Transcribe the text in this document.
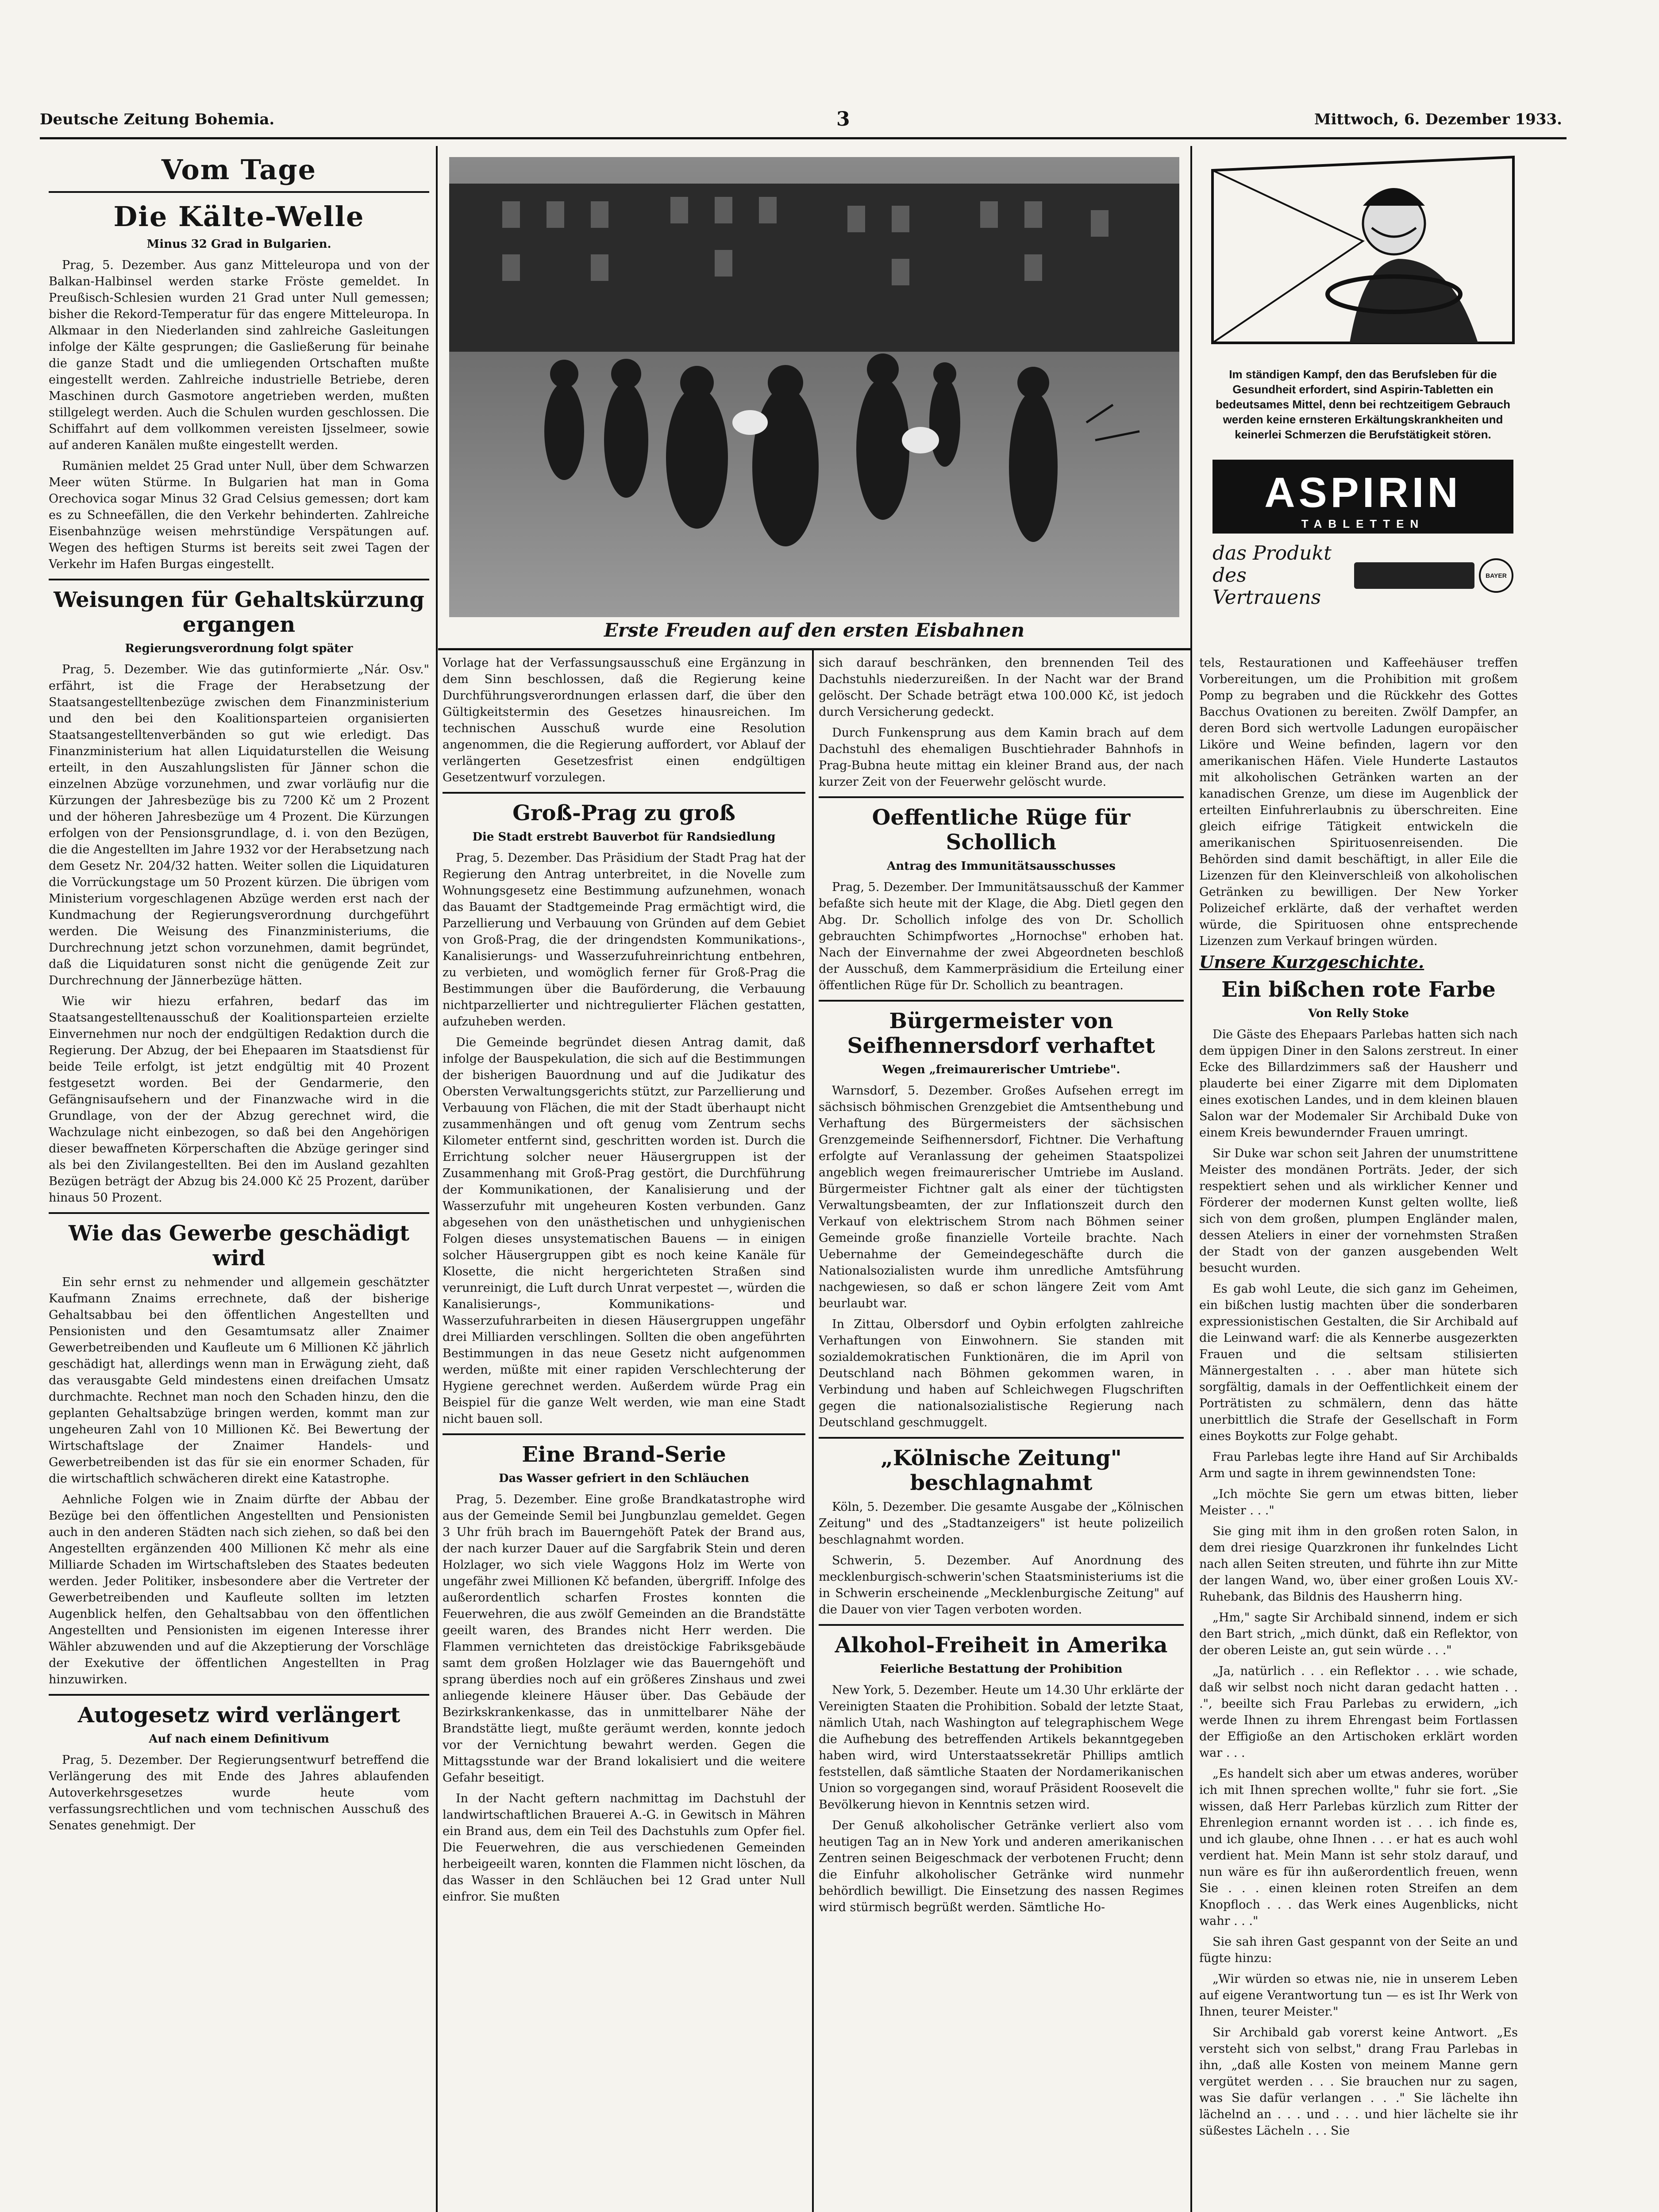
Deutsche Zeitung Bohemia.	3	Mittwoch, 6. Dezember 1933.
Erste Freuden auf den ersten Eisbahnen
Im ständigen Kampf, den das Berufsleben für die Gesundheit erfordert, sind Aspirin-Tabletten ein bedeutsames Mittel, denn bei rechtzeitigem Gebrauch werden keine ernsteren Erkältungskrankheiten und keinerlei Schmerzen die Berufstätigkeit stören.
ASPIRIN
TABLETTEN
das Produkt des Vertrauens
BAYER
Vom Tage
Die Kälte-Welle

Minus 32 Grad in Bulgarien.

Prag, 5. Dezember. Aus ganz Mitteleuropa und von der Balkan-Halbinsel werden starke Fröste gemeldet. In Preußisch-Schlesien wurden 21 Grad unter Null gemessen; bisher die Rekord-Temperatur für das engere Mitteleuropa. In Alkmaar in den Niederlanden sind zahlreiche Gasleitungen infolge der Kälte gesprungen; die Gasließerung für beinahe die ganze Stadt und die umliegenden Ortschaften mußte eingestellt werden. Zahlreiche industrielle Betriebe, deren Maschinen durch Gasmotore angetrieben werden, mußten stillgelegt werden. Auch die Schulen wurden geschlossen. Die Schiffahrt auf dem vollkommen vereisten Ijsselmeer, sowie auf anderen Kanälen mußte eingestellt werden.

Rumänien meldet 25 Grad unter Null, über dem Schwarzen Meer wüten Stürme. In Bulgarien hat man in Goma Orechovica sogar Minus 32 Grad Celsius gemessen; dort kam es zu Schneefällen, die den Verkehr behinderten. Zahlreiche Eisenbahnzüge weisen mehrstündige Verspätungen auf. Wegen des heftigen Sturms ist bereits seit zwei Tagen der Verkehr im Hafen Burgas eingestellt.

Weisungen für Gehaltskürzung ergangen

Regierungsverordnung folgt später

Prag, 5. Dezember. Wie das gutinformierte „Nár. Osv." erfährt, ist die Frage der Herabsetzung der Staatsangestelltenbezüge zwischen dem Finanzministerium und den bei den Koalitionsparteien organisierten Staatsangestelltenverbänden so gut wie erledigt. Das Finanzministerium hat allen Liquidaturstellen die Weisung erteilt, in den Auszahlungslisten für Jänner schon die einzelnen Abzüge vorzunehmen, und zwar vorläufig nur die Kürzungen der Jahresbezüge bis zu 7200 Kč um 2 Prozent und der höheren Jahresbezüge um 4 Prozent. Die Kürzungen erfolgen von der Pensionsgrundlage, d. i. von den Bezügen, die die Angestellten im Jahre 1932 vor der Herabsetzung nach dem Gesetz Nr. 204/32 hatten. Weiter sollen die Liquidaturen die Vorrückungstage um 50 Prozent kürzen. Die übrigen vom Ministerium vorgeschlagenen Abzüge werden erst nach der Kundmachung der Regierungsverordnung durchgeführt werden. Die Weisung des Finanzministeriums, die Durchrechnung jetzt schon vorzunehmen, damit begründet, daß die Liquidaturen sonst nicht die genügende Zeit zur Durchrechnung der Jännerbezüge hätten.

Wie wir hiezu erfahren, bedarf das im Staatsangestelltenausschuß der Koalitionsparteien erzielte Einvernehmen nur noch der endgültigen Redaktion durch die Regierung. Der Abzug, der bei Ehepaaren im Staatsdienst für beide Teile erfolgt, ist jetzt endgültig mit 40 Prozent festgesetzt worden. Bei der Gendarmerie, den Gefängnisaufsehern und der Finanzwache wird in die Grundlage, von der der Abzug gerechnet wird, die Wachzulage nicht einbezogen, so daß bei den Angehörigen dieser bewaffneten Körperschaften die Abzüge geringer sind als bei den Zivilangestellten. Bei den im Ausland gezahlten Bezügen beträgt der Abzug bis 24.000 Kč 25 Prozent, darüber hinaus 50 Prozent.

Wie das Gewerbe geschädigt wird

Ein sehr ernst zu nehmender und allgemein geschätzter Kaufmann Znaims errechnete, daß der bisherige Gehaltsabbau bei den öffentlichen Angestellten und Pensionisten und den Gesamtumsatz aller Znaimer Gewerbetreibenden und Kaufleute um 6 Millionen Kč jährlich geschädigt hat, allerdings wenn man in Erwägung zieht, daß das verausgabte Geld mindestens einen dreifachen Umsatz durchmachte. Rechnet man noch den Schaden hinzu, den die geplanten Gehaltsabzüge bringen werden, kommt man zur ungeheuren Zahl von 10 Millionen Kč. Bei Bewertung der Wirtschaftslage der Znaimer Handels- und Gewerbetreibenden ist das für sie ein enormer Schaden, für die wirtschaftlich schwächeren direkt eine Katastrophe.

Aehnliche Folgen wie in Znaim dürfte der Abbau der Bezüge bei den öffentlichen Angestellten und Pensionisten auch in den anderen Städten nach sich ziehen, so daß bei den Angestellten ergänzenden 400 Millionen Kč mehr als eine Milliarde Schaden im Wirtschaftsleben des Staates bedeuten werden. Jeder Politiker, insbesondere aber die Vertreter der Gewerbetreibenden und Kaufleute sollten im letzten Augenblick helfen, den Gehaltsabbau von den öffentlichen Angestellten und Pensionisten im eigenen Interesse ihrer Wähler abzuwenden und auf die Akzeptierung der Vorschläge der Exekutive der öffentlichen Angestellten in Prag hinzuwirken.

Autogesetz wird verlängert

Auf nach einem Definitivum

Prag, 5. Dezember. Der Regierungsentwurf betreffend die Verlängerung des mit Ende des Jahres ablaufenden Autoverkehrsgesetzes wurde heute vom verfassungsrechtlichen und vom technischen Ausschuß des Senates genehmigt. Der

Vorlage hat der Verfassungsausschuß eine Ergänzung in dem Sinn beschlossen, daß die Regierung keine Durchführungsverordnungen erlassen darf, die über den Gültigkeitstermin des Gesetzes hinausreichen. Im technischen Ausschuß wurde eine Resolution angenommen, die die Regierung auffordert, vor Ablauf der verlängerten Gesetzesfrist einen endgültigen Gesetzentwurf vorzulegen.

Groß-Prag zu groß

Die Stadt erstrebt Bauverbot für Randsiedlung

Prag, 5. Dezember. Das Präsidium der Stadt Prag hat der Regierung den Antrag unterbreitet, in die Novelle zum Wohnungsgesetz eine Bestimmung aufzunehmen, wonach das Bauamt der Stadtgemeinde Prag ermächtigt wird, die Parzellierung und Verbauung von Gründen auf dem Gebiet von Groß-Prag, die der dringendsten Kommunikations-, Kanalisierungs- und Wasserzufuhreinrichtung entbehren, zu verbieten, und womöglich ferner für Groß-Prag die Bestimmungen über die Bauförderung, die Verbauung nichtparzellierter und nichtregulierter Flächen gestatten, aufzuheben werden.

Die Gemeinde begründet diesen Antrag damit, daß infolge der Bauspekulation, die sich auf die Bestimmungen der bisherigen Bauordnung und auf die Judikatur des Obersten Verwaltungsgerichts stützt, zur Parzellierung und Verbauung von Flächen, die mit der Stadt überhaupt nicht zusammenhängen und oft genug vom Zentrum sechs Kilometer entfernt sind, geschritten worden ist. Durch die Errichtung solcher neuer Häusergruppen ist der Zusammenhang mit Groß-Prag gestört, die Durchführung der Kommunikationen, der Kanalisierung und der Wasserzufuhr mit ungeheuren Kosten verbunden. Ganz abgesehen von den unästhetischen und unhygienischen Folgen dieses unsystematischen Bauens — in einigen solcher Häusergruppen gibt es noch keine Kanäle für Klosette, die nicht hergerichteten Straßen sind verunreinigt, die Luft durch Unrat verpestet —, würden die Kanalisierungs-, Kommunikations- und Wasserzufuhrarbeiten in diesen Häusergruppen ungefähr drei Milliarden verschlingen. Sollten die oben angeführten Bestimmungen in das neue Gesetz nicht aufgenommen werden, müßte mit einer rapiden Verschlechterung der Hygiene gerechnet werden. Außerdem würde Prag ein Beispiel für die ganze Welt werden, wie man eine Stadt nicht bauen soll.

Eine Brand-Serie

Das Wasser gefriert in den Schläuchen

Prag, 5. Dezember. Eine große Brandkatastrophe wird aus der Gemeinde Semil bei Jungbunzlau gemeldet. Gegen 3 Uhr früh brach im Bauerngehöft Patek der Brand aus, der nach kurzer Dauer auf die Sargfabrik Stein und deren Holzlager, wo sich viele Waggons Holz im Werte von ungefähr zwei Millionen Kč befanden, übergriff. Infolge des außerordentlich scharfen Frostes konnten die Feuerwehren, die aus zwölf Gemeinden an die Brandstätte geeilt waren, des Brandes nicht Herr werden. Die Flammen vernichteten das dreistöckige Fabriksgebäude samt dem großen Holzlager wie das Bauerngehöft und sprang überdies noch auf ein größeres Zinshaus und zwei anliegende kleinere Häuser über. Das Gebäude der Bezirkskrankenkasse, das in unmittelbarer Nähe der Brandstätte liegt, mußte geräumt werden, konnte jedoch vor der Vernichtung bewahrt werden. Gegen die Mittagsstunde war der Brand lokalisiert und die weitere Gefahr beseitigt.

In der Nacht geftern nachmittag im Dachstuhl der landwirtschaftlichen Brauerei A.-G. in Gewitsch in Mähren ein Brand aus, dem ein Teil des Dachstuhls zum Opfer fiel. Die Feuerwehren, die aus verschiedenen Gemeinden herbeigeeilt waren, konnten die Flammen nicht löschen, da das Wasser in den Schläuchen bei 12 Grad unter Null einfror. Sie mußten

sich darauf beschränken, den brennenden Teil des Dachstuhls niederzureißen. In der Nacht war der Brand gelöscht. Der Schade beträgt etwa 100.000 Kč, ist jedoch durch Versicherung gedeckt.

Durch Funkensprung aus dem Kamin brach auf dem Dachstuhl des ehemaligen Buschtiehrader Bahnhofs in Prag-Bubna heute mittag ein kleiner Brand aus, der nach kurzer Zeit von der Feuerwehr gelöscht wurde.

Oeffentliche Rüge für Schollich

Antrag des Immunitätsausschusses

Prag, 5. Dezember. Der Immunitätsausschuß der Kammer befaßte sich heute mit der Klage, die Abg. Dietl gegen den Abg. Dr. Schollich infolge des von Dr. Schollich gebrauchten Schimpfwortes „Hornochse" erhoben hat. Nach der Einvernahme der zwei Abgeordneten beschloß der Ausschuß, dem Kammerpräsidium die Erteilung einer öffentlichen Rüge für Dr. Schollich zu beantragen.

Bürgermeister von Seifhennersdorf verhaftet

Wegen „freimaurerischer Umtriebe".

Warnsdorf, 5. Dezember. Großes Aufsehen erregt im sächsisch böhmischen Grenzgebiet die Amtsenthebung und Verhaftung des Bürgermeisters der sächsischen Grenzgemeinde Seifhennersdorf, Fichtner. Die Verhaftung erfolgte auf Veranlassung der geheimen Staatspolizei angeblich wegen freimaurerischer Umtriebe im Ausland. Bürgermeister Fichtner galt als einer der tüchtigsten Verwaltungsbeamten, der zur Inflationszeit durch den Verkauf von elektrischem Strom nach Böhmen seiner Gemeinde große finanzielle Vorteile brachte. Nach Uebernahme der Gemeindegeschäfte durch die Nationalsozialisten wurde ihm unredliche Amtsführung nachgewiesen, so daß er schon längere Zeit vom Amt beurlaubt war.

In Zittau, Olbersdorf und Oybin erfolgten zahlreiche Verhaftungen von Einwohnern. Sie standen mit sozialdemokratischen Funktionären, die im April von Deutschland nach Böhmen gekommen waren, in Verbindung und haben auf Schleichwegen Flugschriften gegen die nationalsozialistische Regierung nach Deutschland geschmuggelt.

„Kölnische Zeitung" beschlagnahmt

Köln, 5. Dezember. Die gesamte Ausgabe der „Kölnischen Zeitung" und des „Stadtanzeigers" ist heute polizeilich beschlagnahmt worden.

Schwerin, 5. Dezember. Auf Anordnung des mecklenburgisch-schwerin'schen Staatsministeriums ist die in Schwerin erscheinende „Mecklenburgische Zeitung" auf die Dauer von vier Tagen verboten worden.

Alkohol-Freiheit in Amerika

Feierliche Bestattung der Prohibition

New York, 5. Dezember. Heute um 14.30 Uhr erklärte der Vereinigten Staaten die Prohibition. Sobald der letzte Staat, nämlich Utah, nach Washington auf telegraphischem Wege die Aufhebung des betreffenden Artikels bekanntgegeben haben wird, wird Unterstaatssekretär Phillips amtlich feststellen, daß sämtliche Staaten der Nordamerikanischen Union so vorgegangen sind, worauf Präsident Roosevelt die Bevölkerung hievon in Kenntnis setzen wird.

Der Genuß alkoholischer Getränke verliert also vom heutigen Tag an in New York und anderen amerikanischen Zentren seinen Beigeschmack der verbotenen Frucht; denn die Einfuhr alkoholischer Getränke wird nunmehr behördlich bewilligt. Die Einsetzung des nassen Regimes wird stürmisch begrüßt werden. Sämtliche Ho-

tels, Restaurationen und Kaffeehäuser treffen Vorbereitungen, um die Prohibition mit großem Pomp zu begraben und die Rückkehr des Gottes Bacchus Ovationen zu bereiten. Zwölf Dampfer, an deren Bord sich wertvolle Ladungen europäischer Liköre und Weine befinden, lagern vor den amerikanischen Häfen. Viele Hunderte Lastautos mit alkoholischen Getränken warten an der kanadischen Grenze, um diese im Augenblick der erteilten Einfuhrerlaubnis zu überschreiten. Eine gleich eifrige Tätigkeit entwickeln die amerikanischen Spirituosenreisenden. Die Behörden sind damit beschäftigt, in aller Eile die Lizenzen für den Kleinverschleiß von alkoholischen Getränken zu bewilligen. Der New Yorker Polizeichef erklärte, daß der verhaftet werden würde, die Spirituosen ohne entsprechende Lizenzen zum Verkauf bringen würden.

Unsere Kurzgeschichte.

Ein bißchen rote Farbe

Von Relly Stoke

Die Gäste des Ehepaars Parlebas hatten sich nach dem üppigen Diner in den Salons zerstreut. In einer Ecke des Billardzimmers saß der Hausherr und plauderte bei einer Zigarre mit dem Diplomaten eines exotischen Landes, und in dem kleinen blauen Salon war der Modemaler Sir Archibald Duke von einem Kreis bewundernder Frauen umringt.

Sir Duke war schon seit Jahren der unumstrittene Meister des mondänen Porträts. Jeder, der sich respektiert sehen und als wirklicher Kenner und Förderer der modernen Kunst gelten wollte, ließ sich von dem großen, plumpen Engländer malen, dessen Ateliers in einer der vornehmsten Straßen der Stadt von der ganzen ausgebenden Welt besucht wurden.

Es gab wohl Leute, die sich ganz im Geheimen, ein bißchen lustig machten über die sonderbaren expressionistischen Gestalten, die Sir Archibald auf die Leinwand warf: die als Kennerbe ausgezerkten Frauen und die seltsam stilisierten Männergestalten . . . aber man hütete sich sorgfältig, damals in der Oeffentlichkeit einem der Porträtisten zu schmälern, denn das hätte unerbittlich die Strafe der Gesellschaft in Form eines Boykotts zur Folge gehabt.

Frau Parlebas legte ihre Hand auf Sir Archibalds Arm und sagte in ihrem gewinnendsten Tone:

„Ich möchte Sie gern um etwas bitten, lieber Meister . . ."

Sie ging mit ihm in den großen roten Salon, in dem drei riesige Quarzkronen ihr funkelndes Licht nach allen Seiten streuten, und führte ihn zur Mitte der langen Wand, wo, über einer großen Louis XV.-Ruhebank, das Bildnis des Hausherrn hing.

„Hm," sagte Sir Archibald sinnend, indem er sich den Bart strich, „mich dünkt, daß ein Reflektor, von der oberen Leiste an, gut sein würde . . ."

„Ja, natürlich . . . ein Reflektor . . . wie schade, daß wir selbst noch nicht daran gedacht hatten . . .", beeilte sich Frau Parlebas zu erwidern, „ich werde Ihnen zu ihrem Ehrengast beim Fortlassen der Effigioße an den Artischoken erklärt worden war . . .

„Es handelt sich aber um etwas anderes, worüber ich mit Ihnen sprechen wollte," fuhr sie fort. „Sie wissen, daß Herr Parlebas kürzlich zum Ritter der Ehrenlegion ernannt worden ist . . . ich finde es, und ich glaube, ohne Ihnen . . . er hat es auch wohl verdient hat. Mein Mann ist sehr stolz darauf, und nun wäre es für ihn außerordentlich freuen, wenn Sie . . . einen kleinen roten Streifen an dem Knopfloch . . . das Werk eines Augenblicks, nicht wahr . . ."

Sie sah ihren Gast gespannt von der Seite an und fügte hinzu:

„Wir würden so etwas nie, nie in unserem Leben auf eigene Verantwortung tun — es ist Ihr Werk von Ihnen, teurer Meister."

Sir Archibald gab vorerst keine Antwort. „Es versteht sich von selbst," drang Frau Parlebas in ihn, „daß alle Kosten von meinem Manne gern vergütet werden . . . Sie brauchen nur zu sagen, was Sie dafür verlangen . . ." Sie lächelte ihn lächelnd an . . . und . . . und hier lächelte sie ihr süßestes Lächeln . . . Sie
